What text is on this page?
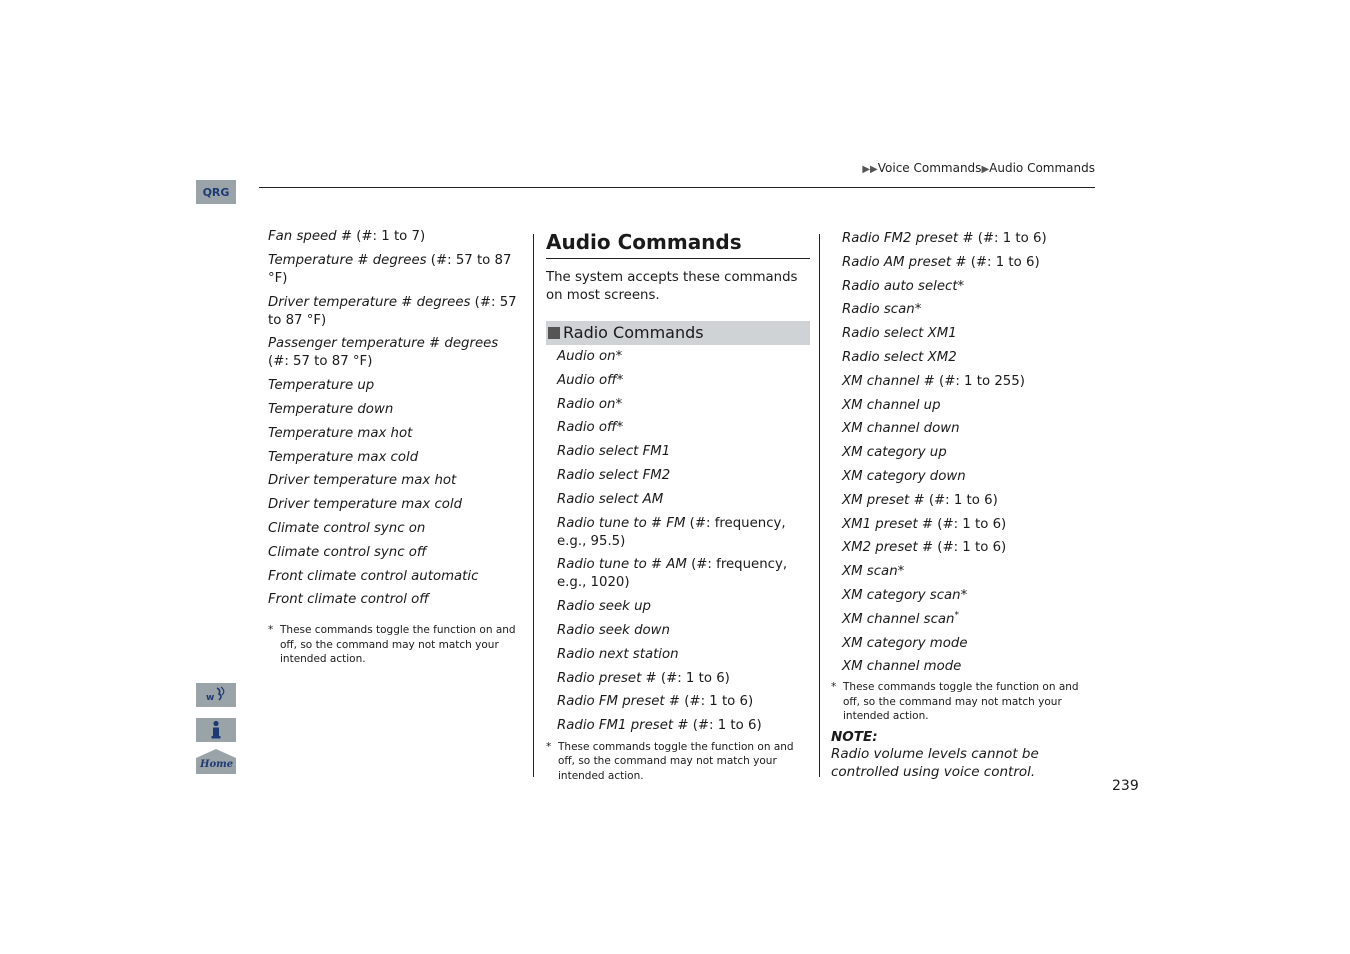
▶▶Voice Commands▶Audio Commands
QRG
w
Home
Fan speed # (#: 1 to 7)
Temperature # degrees (#: 57 to 87 °F)
Driver temperature # degrees (#: 57 to 87 °F)
Passenger temperature # degrees (#: 57 to 87 °F)
Temperature up
Temperature down
Temperature max hot
Temperature max cold
Driver temperature max hot
Driver temperature max cold
Climate control sync on
Climate control sync off
Front climate control automatic
Front climate control off
* These commands toggle the function on and off, so the command may not match your intended action.
Audio Commands
The system accepts these commands on most screens.
Radio Commands
Audio on*
Audio off*
Radio on*
Radio off*
Radio select FM1
Radio select FM2
Radio select AM
Radio tune to # FM (#: frequency, e.g., 95.5)
Radio tune to # AM (#: frequency, e.g., 1020)
Radio seek up
Radio seek down
Radio next station
Radio preset # (#: 1 to 6)
Radio FM preset # (#: 1 to 6)
Radio FM1 preset # (#: 1 to 6)
* These commands toggle the function on and off, so the command may not match your intended action.
Radio FM2 preset # (#: 1 to 6)
Radio AM preset # (#: 1 to 6)
Radio auto select*
Radio scan*
Radio select XM1
Radio select XM2
XM channel # (#: 1 to 255)
XM channel up
XM channel down
XM category up
XM category down
XM preset # (#: 1 to 6)
XM1 preset # (#: 1 to 6)
XM2 preset # (#: 1 to 6)
XM scan*
XM category scan*
XM channel scan*
XM category mode
XM channel mode
* These commands toggle the function on and off, so the command may not match your intended action.
NOTE:
Radio volume levels cannot be controlled using voice control.
239
